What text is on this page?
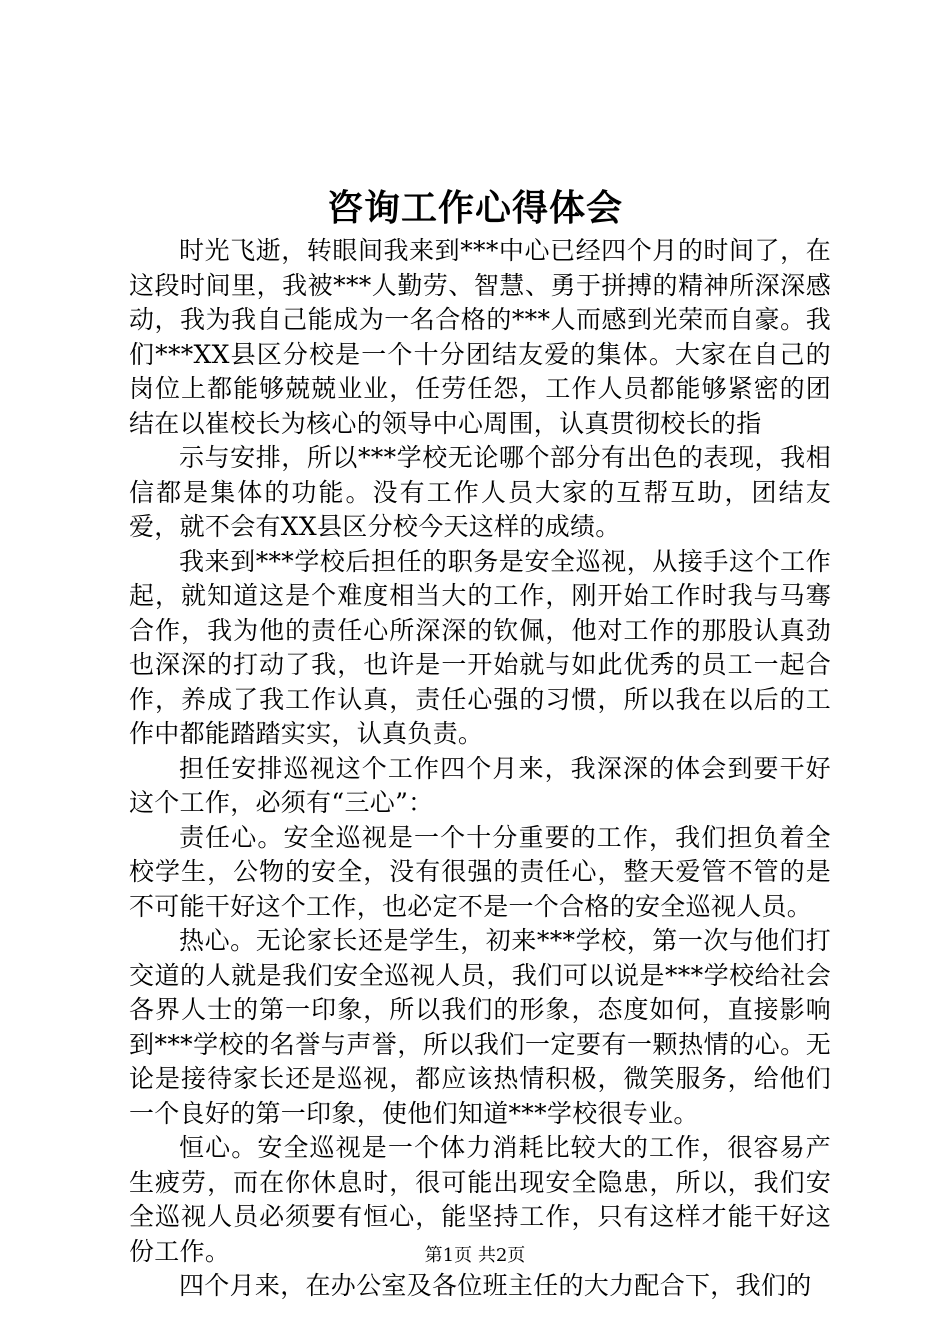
咨询工作心得体会

时光飞逝，转眼间我来到***中心已经四个月的时间了，在这段时间里，我被***人勤劳、智慧、勇于拼搏的精神所深深感动，我为我自己能成为一名合格的***人而感到光荣而自豪。我们***XX县区分校是一个十分团结友爱的集体。大家在自己的岗位上都能够兢兢业业，任劳任怨，工作人员都能够紧密的团结在以崔校长为核心的领导中心周围，认真贯彻校长的指

示与安排，所以***学校无论哪个部分有出色的表现，我相信都是集体的功能。没有工作人员大家的互帮互助，团结友爱，就不会有XX县区分校今天这样的成绩。

我来到***学校后担任的职务是安全巡视，从接手这个工作起，就知道这是个难度相当大的工作，刚开始工作时我与马骞合作，我为他的责任心所深深的钦佩，他对工作的那股认真劲也深深的打动了我，也许是一开始就与如此优秀的员工一起合作，养成了我工作认真，责任心强的习惯，所以我在以后的工作中都能踏踏实实，认真负责。

担任安排巡视这个工作四个月来，我深深的体会到要干好这个工作，必须有“三心”：

责任心。安全巡视是一个十分重要的工作，我们担负着全校学生，公物的安全，没有很强的责任心，整天爱管不管的是不可能干好这个工作，也必定不是一个合格的安全巡视人员。

热心。无论家长还是学生，初来***学校，第一次与他们打交道的人就是我们安全巡视人员，我们可以说是***学校给社会各界人士的第一印象，所以我们的形象，态度如何，直接影响到***学校的名誉与声誉，所以我们一定要有一颗热情的心。无论是接待家长还是巡视，都应该热情积极，微笑服务，给他们一个良好的第一印象，使他们知道***学校很专业。

恒心。安全巡视是一个体力消耗比较大的工作，很容易产生疲劳，而在你休息时，很可能出现安全隐患，所以，我们安全巡视人员必须要有恒心，能坚持工作，只有这样才能干好这份工作。

四个月来，在办公室及各位班主任的大力配合下，我们的

第1页 共2页
